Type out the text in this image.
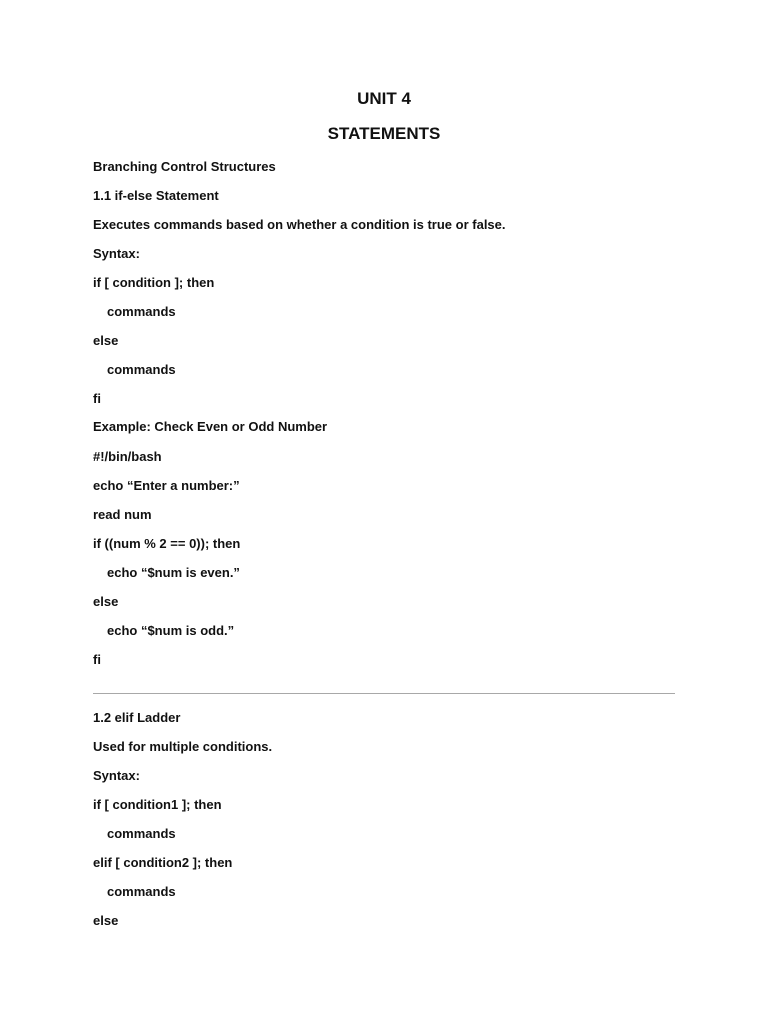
UNIT 4
STATEMENTS
Branching Control Structures
1.1 if-else Statement
Executes commands based on whether a condition is true or false.
Syntax:
if [ condition ]; then
commands
else
commands
fi
Example: Check Even or Odd Number
#!/bin/bash
echo “Enter a number:”
read num
if ((num % 2 == 0)); then
echo “$num is even.”
else
echo “$num is odd.”
fi
1.2 elif Ladder
Used for multiple conditions.
Syntax:
if [ condition1 ]; then
commands
elif [ condition2 ]; then
commands
else
